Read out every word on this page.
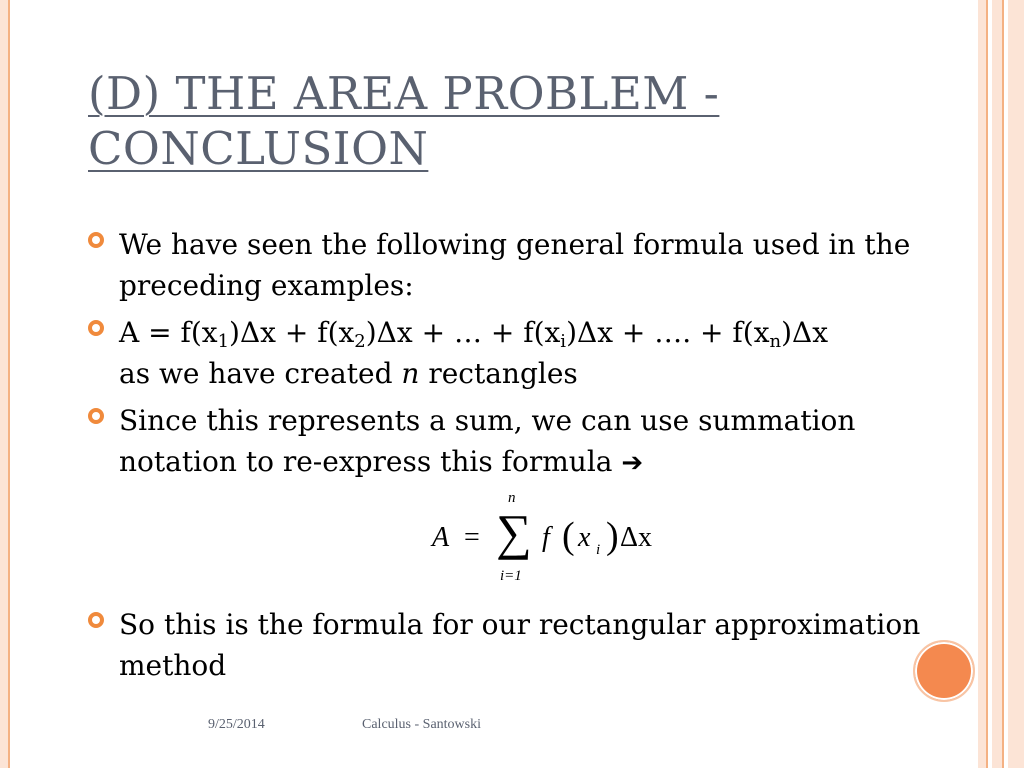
(D) THE AREA PROBLEM -
CONCLUSION
We have seen the following general formula used in the preceding examples:
$A = f(x_1)\Delta x + f(x_2)\Delta x$ + … + $f(x_i)\Delta x$ + …. + $f(x_n)\Delta x$
as we have created n rectangles
Since this represents a sum, we can use summation notation to re-express this formula ➔
So this is the formula for our rectangular approximation method
A =
n
∑
i=1
f ( x i ) Δx
9/25/2014	Calculus - Santowski
